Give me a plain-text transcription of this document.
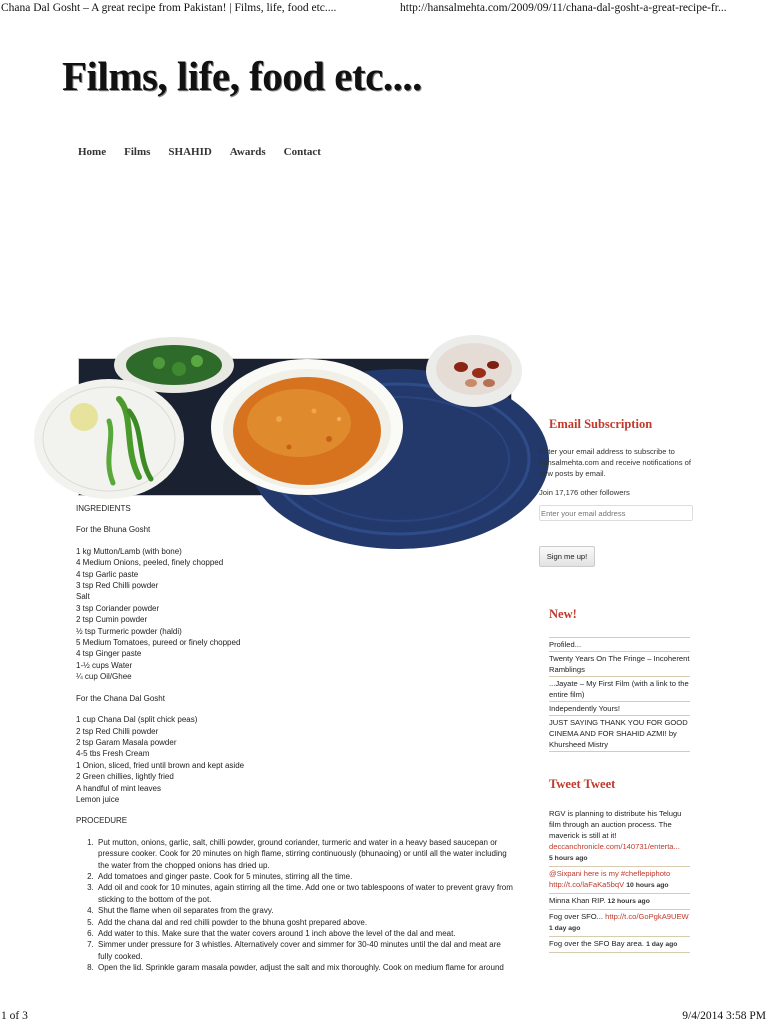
Chana Dal Gosht – A great recipe from Pakistan! | Films, life, food etc....	http://hansalmehta.com/2009/09/11/chana-dal-gosht-a-great-recipe-fr...
Films, life, food etc....
Home Films SHAHID Awards Contact

INGREDIENTS

For the Bhuna Gosht

1 kg Mutton/Lamb (with bone)
4 Medium Onions, peeled, finely chopped
4 tsp Garlic paste
3 tsp Red Chilli powder
Salt
3 tsp Coriander powder
2 tsp Cumin powder
½ tsp Turmeric powder (haldi)
5 Medium Tomatoes, pureed or finely chopped
4 tsp Ginger paste
1-½ cups Water
¼ cup Oil/Ghee

For the Chana Dal Gosht

1 cup Chana Dal (split chick peas)
2 tsp Red Chilli powder
2 tsp Garam Masala powder
4-5 tbs Fresh Cream
1 Onion, sliced, fried until brown and kept aside
2 Green chillies, lightly fried
A handful of mint leaves
Lemon juice

PROCEDURE

1. Put mutton, onions, garlic, salt, chilli powder, ground coriander, turmeric and water in a heavy based saucepan or pressure cooker. Cook for 20 minutes on high flame, stirring continuously (bhunaoing) or until all the water including the water from the chopped onions has dried up.
2. Add tomatoes and ginger paste. Cook for 5 minutes, stirring all the time.
3. Add oil and cook for 10 minutes, again stirring all the time. Add one or two tablespoons of water to prevent gravy from sticking to the bottom of the pot.
4. Shut the flame when oil separates from the gravy.
5. Add the chana dal and red chilli powder to the bhuna gosht prepared above.
6. Add water to this. Make sure that the water covers around 1 inch above the level of the dal and meat.
7. Simmer under pressure for 3 whistles. Alternatively cover and simmer for 30-40 minutes until the dal and meat are fully cooked.
8. Open the lid. Sprinkle garam masala powder, adjust the salt and mix thoroughly. Cook on medium flame for around
Email Subscription

Enter your email address to subscribe to hansalmehta.com and receive notifications of new posts by email.

Join 17,176 other followers

Enter your email address
Sign me up!
New!
Profiled...
Twenty Years On The Fringe – Incoherent Ramblings
...Jayate – My First Film (with a link to the entire film)
Independently Yours!
JUST SAYING THANK YOU FOR GOOD CINEMA AND FOR SHAHID AZMI! by Khursheed Mistry
Tweet Tweet
RGV is planning to distribute his Telugu film through an auction process. The maverick is still at it! deccanchronicle.com/140731/enterta...
5 hours ago
@Sixpani here is my #cheflepiphoto http://t.co/laFaKa5bqV 10 hours ago
Minna Khan RIP. 12 hours ago
Fog over SFO... http://t.co/GoPgkA9UEW 1 day ago
Fog over the SFO Bay area. 1 day ago
1 of 3	9/4/2014 3:58 PM
